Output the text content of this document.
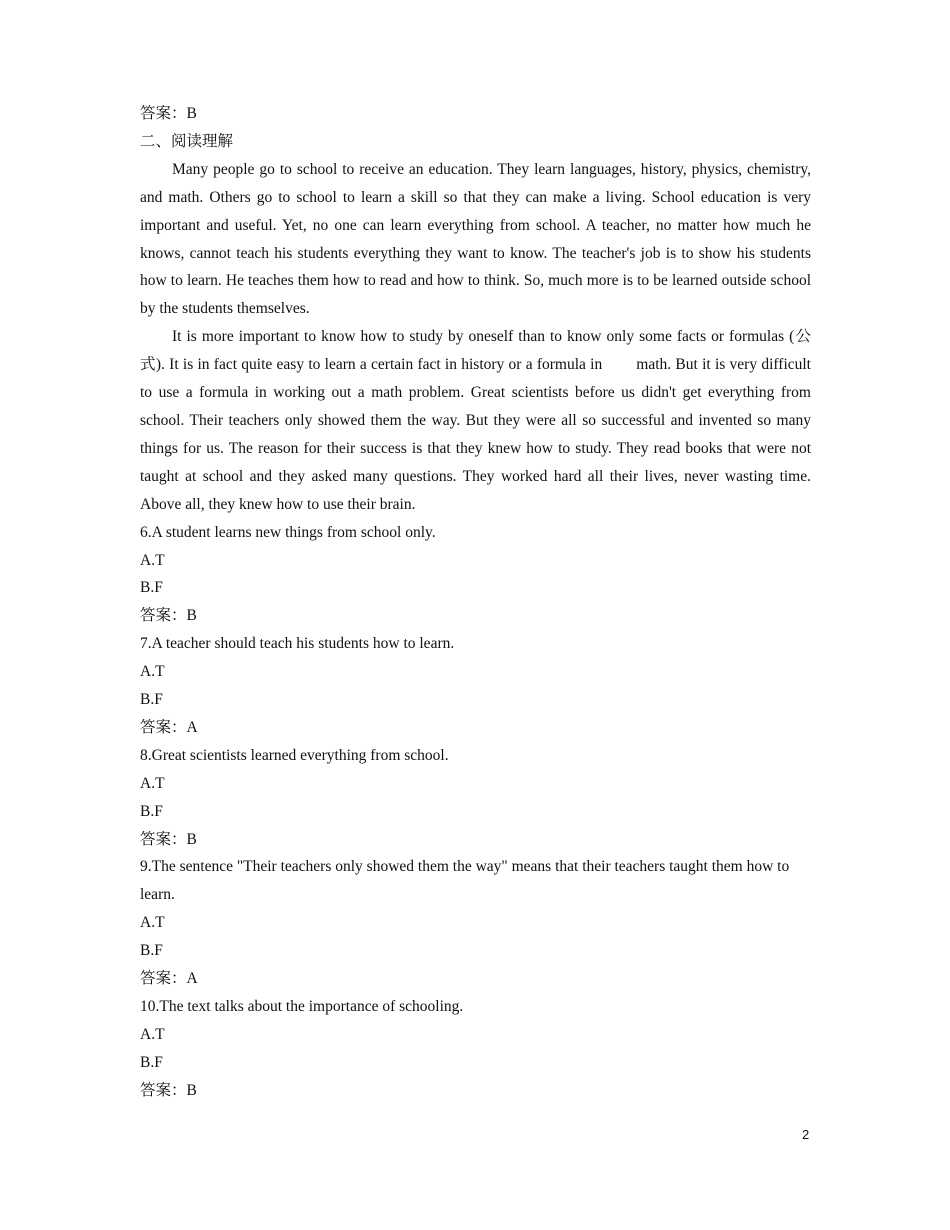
答案：B

二、阅读理解

Many people go to school to receive an education. They learn languages, history, physics, chemistry, and math. Others go to school to learn a skill so that they can make a living. School education is very important and useful. Yet, no one can learn everything from school. A teacher, no matter how much he knows, cannot teach his students everything they want to know. The teacher's job is to show his students how to learn. He teaches them how to read and how to think. So, much more is to be learned outside school by the students themselves.

It is more important to know how to study by oneself than to know only some facts or formulas (公式). It is in fact quite easy to learn a certain fact in history or a formula in        math. But it is very difficult to use a formula in working out a math problem. Great scientists before us didn't get everything from school. Their teachers only showed them the way. But they were all so successful and invented so many things for us. The reason for their success is that they knew how to study. They read books that were not taught at school and they asked many questions. They worked hard all their lives, never wasting time. Above all, they knew how to use their brain.

6.A student learns new things from school only.

A.T

B.F

答案：B

7.A teacher should teach his students how to learn.

A.T

B.F

答案：A

8.Great scientists learned everything from school.

A.T

B.F

答案：B

9.The sentence "Their teachers only showed them the way" means that their teachers taught them how to learn.

A.T

B.F

答案：A

10.The text talks about the importance of schooling.

A.T

B.F

答案：B

2
